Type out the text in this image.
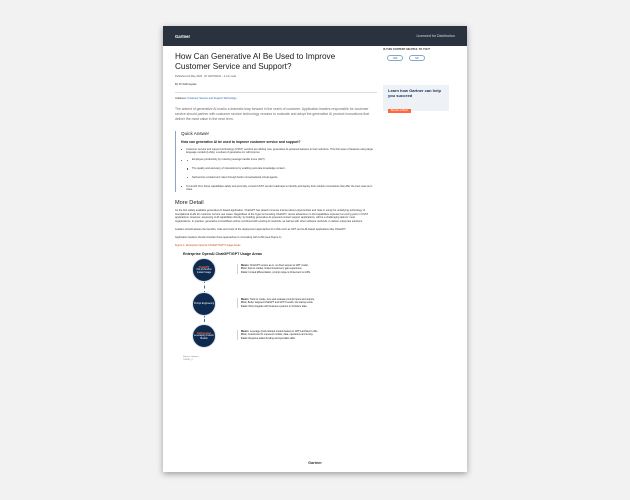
Gartner	Licensed for Distribution
How Can Generative AI Be Used to Improve Customer Service and Support?
Published 24 May 2023 - ID G00794241 - 3 min read
By Pri Rathnayake
Initiatives: Customer Service and Support Technology

The advent of generative AI marks a dramatic leap forward in the realm of customer. Application leaders responsible for customer service should partner with customer service technology vendors to evaluate and adopt the generative AI product innovations that deliver the most value in the near term.

Quick Answer
How can generative AI be used to improve customer service and support?
Customer service and support technology (CSST) vendors are adding new, generative AI-powered features to their solutions. This first wave of features using large language models (LLMs), a subset of generative AI, will improve:
Employee productivity by reducing average handle times (AHT).
The quality and accuracy of interactions by enabling accurate knowledge content.
Self-service containment rates through better conversational virtual agents.
To benefit from these capabilities safely and promptly, consult CSST vendor roadmaps to identify and deploy their solution innovations that offer the best near-term value.
More Detail

As the first widely available generative AI-based application, ChatGPT has raised immense interest about opportunities and risks in using the underlying technology of foundational LLMs for customer service use cases. Regardless of the hype surrounding ChatGPT, recent advances in LLM capabilities represent a turning point in CSST applications. However, assessing LLM capabilities directly, by building generative AI-powered contact support applications, will be a challenging task for most organizations. In practice, generative AI workflows will be combined with existing AI methods, as well as with other software methods, to deliver enterprise solutions.

Leaders should assess the benefits, risks and costs of the deployment approaches for LLMs such as GPT and LLM-based applications like ChatGPT.

Application leaders should consider three approaches to innovating with LLMs (see Figure 1).

Figure 1: Enterprise OpenAI ChatGPT/GPT Usage Areas
Enterprise OpenAI ChatGPT/GPT Usage Areas
ChatGPT
Out-of-the-Box Instant Usage
Means: ChatGPT service as-is, no direct access to GPT model.
Pros: Fast to market, limited investment, gain experience.
Cons: Limited differentiation, prompt range is limited and no APIs.
Prompt Engineering
Means: Tools to create, tune and evaluate prompt inputs and outputs.
Pros: Better targeted ChatGPT and GPT3 results, low startup costs.
Cons: Must integrate with business systems to introduce data.
Self-Hosted
Leveraging Custom Models
Means: Leverage Quick-Started models based on GPT3-architect LLMs.
Pros: Customized to represent models, data, operations and tuning.
Cons: Requires added funding and specialist skills.
Source: Gartner
794241_C
IS THIS CONTENT HELPFUL TO YOU?
YES	NO
Learn how Gartner can help you succeed
Become a Client
Gartner
